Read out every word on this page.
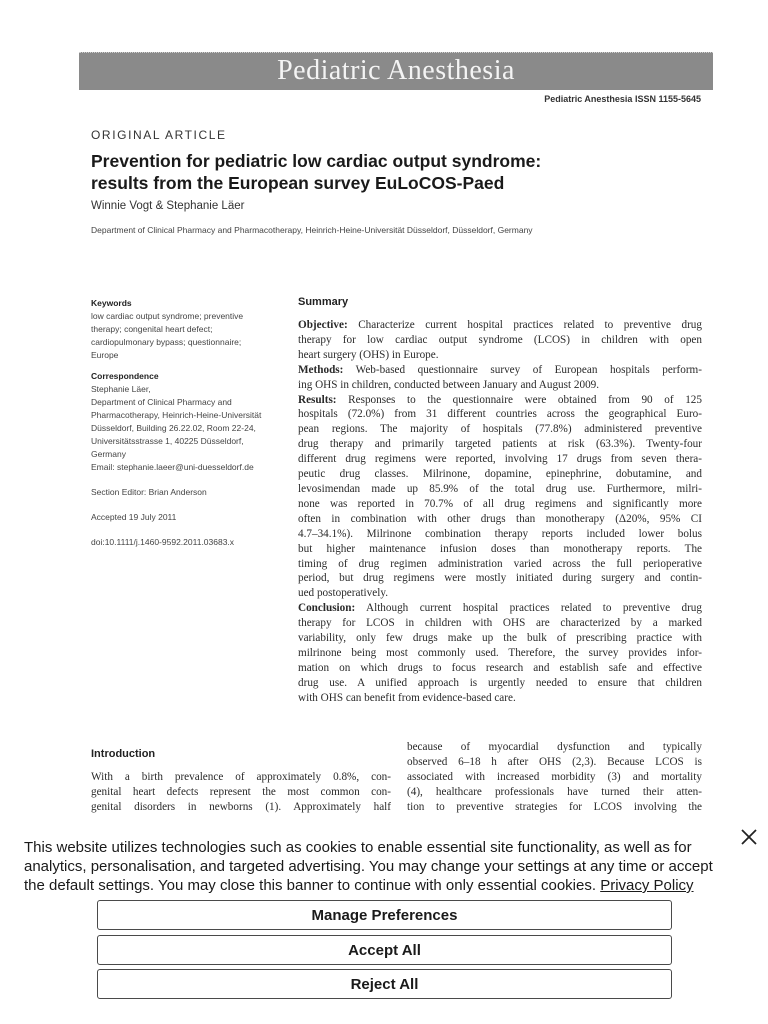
Pediatric Anesthesia
Pediatric Anesthesia ISSN 1155-5645
ORIGINAL ARTICLE
Prevention for pediatric low cardiac output syndrome:
results from the European survey EuLoCOS-Paed
Winnie Vogt & Stephanie Läer
Department of Clinical Pharmacy and Pharmacotherapy, Heinrich-Heine-Universität Düsseldorf, Düsseldorf, Germany
Keywords
low cardiac output syndrome; preventive
therapy; congenital heart defect;
cardiopulmonary bypass; questionnaire;
Europe
Correspondence
Stephanie Läer,
Department of Clinical Pharmacy and
Pharmacotherapy, Heinrich-Heine-Universität
Düsseldorf, Building 26.22.02, Room 22-24,
Universitätsstrasse 1, 40225 Düsseldorf,
Germany
Email: stephanie.laeer@uni-duesseldorf.de
Section Editor: Brian Anderson
Accepted 19 July 2011
doi:10.1111/j.1460-9592.2011.03683.x
Summary
Objective: Characterize current hospital practices related to preventive drug
therapy for low cardiac output syndrome (LCOS) in children with open
heart surgery (OHS) in Europe.
Methods: Web-based questionnaire survey of European hospitals perform-
ing OHS in children, conducted between January and August 2009.
Results: Responses to the questionnaire were obtained from 90 of 125
hospitals (72.0%) from 31 different countries across the geographical Euro-
pean regions. The majority of hospitals (77.8%) administered preventive
drug therapy and primarily targeted patients at risk (63.3%). Twenty-four
different drug regimens were reported, involving 17 drugs from seven thera-
peutic drug classes. Milrinone, dopamine, epinephrine, dobutamine, and
levosimendan made up 85.9% of the total drug use. Furthermore, milri-
none was reported in 70.7% of all drug regimens and significantly more
often in combination with other drugs than monotherapy (Δ20%, 95% CI
4.7–34.1%). Milrinone combination therapy reports included lower bolus
but higher maintenance infusion doses than monotherapy reports. The
timing of drug regimen administration varied across the full perioperative
period, but drug regimens were mostly initiated during surgery and contin-
ued postoperatively.
Conclusion: Although current hospital practices related to preventive drug
therapy for LCOS in children with OHS are characterized by a marked
variability, only few drugs make up the bulk of prescribing practice with
milrinone being most commonly used. Therefore, the survey provides infor-
mation on which drugs to focus research and establish safe and effective
drug use. A unified approach is urgently needed to ensure that children
with OHS can benefit from evidence-based care.
Introduction
With a birth prevalence of approximately 0.8%, con-
genital heart defects represent the most common con-
genital disorders in newborns (1). Approximately half
because of myocardial dysfunction and typically
observed 6–18 h after OHS (2,3). Because LCOS is
associated with increased morbidity (3) and mortality
(4), healthcare professionals have turned their atten-
tion to preventive strategies for LCOS involving the
This website utilizes technologies such as cookies to enable essential site functionality, as well as for analytics, personalisation, and targeted advertising. You may change your settings at any time or accept the default settings. You may close this banner to continue with only essential cookies. Privacy Policy
Manage Preferences
Accept All
Reject All
